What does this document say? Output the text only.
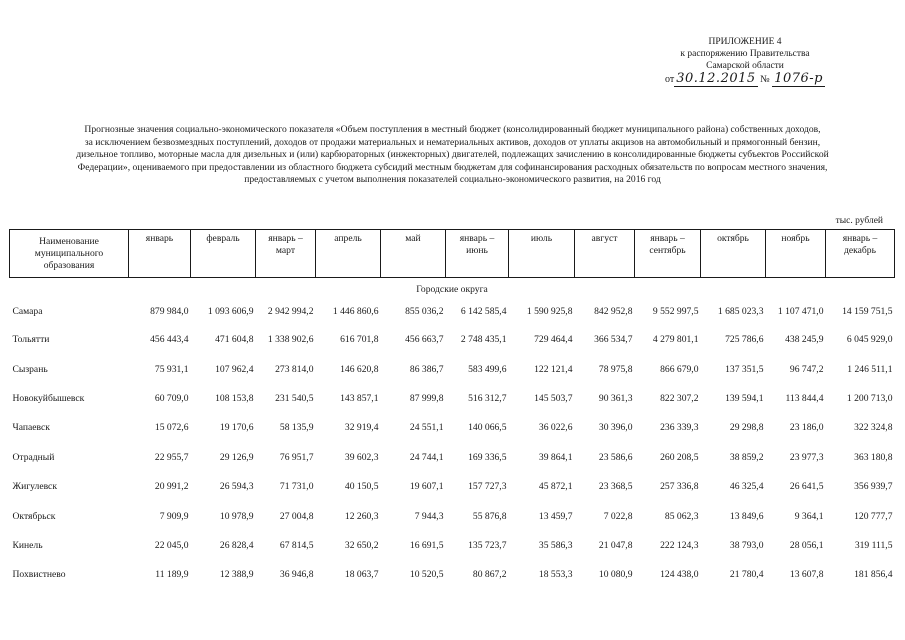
ПРИЛОЖЕНИЕ 4
к распоряжению Правительства
Самарской области
от 30.12.2015 № 1076-р
Прогнозные значения социально-экономического показателя «Объем поступления в местный бюджет (консолидированный бюджет муниципального района) собственных доходов,
за исключением безвозмездных поступлений, доходов от продажи материальных и нематериальных активов, доходов от уплаты акцизов на автомобильный и прямогонный бензин,
дизельное топливо, моторные масла для дизельных и (или) карбюраторных (инжекторных) двигателей, подлежащих зачислению в консолидированные бюджеты субъектов Российской
Федерации», оцениваемого при предоставлении из областного бюджета субсидий местным бюджетам для софинансирования расходных обязательств по вопросам местного значения,
предоставляемых с учетом выполнения показателей социально-экономического развития, на 2016 год
тыс. рублей
Наименование муниципального образования	январь	февраль	январь – март	апрель	май	январь – июнь	июль	август	январь – сентябрь	октябрь	ноябрь	январь – декабрь
Городские округа												
Самара	879 984,0	1 093 606,9	2 942 994,2	1 446 860,6	855 036,2	6 142 585,4	1 590 925,8	842 952,8	9 552 997,5	1 685 023,3	1 107 471,0	14 159 751,5
Тольятти	456 443,4	471 604,8	1 338 902,6	616 701,8	456 663,7	2 748 435,1	729 464,4	366 534,7	4 279 801,1	725 786,6	438 245,9	6 045 929,0
Сызрань	75 931,1	107 962,4	273 814,0	146 620,8	86 386,7	583 499,6	122 121,4	78 975,8	866 679,0	137 351,5	96 747,2	1 246 511,1
Новокуйбышевск	60 709,0	108 153,8	231 540,5	143 857,1	87 999,8	516 312,7	145 503,7	90 361,3	822 307,2	139 594,1	113 844,4	1 200 713,0
Чапаевск	15 072,6	19 170,6	58 135,9	32 919,4	24 551,1	140 066,5	36 022,6	30 396,0	236 339,3	29 298,8	23 186,0	322 324,8
Отрадный	22 955,7	29 126,9	76 951,7	39 602,3	24 744,1	169 336,5	39 864,1	23 586,6	260 208,5	38 859,2	23 977,3	363 180,8
Жигулевск	20 991,2	26 594,3	71 731,0	40 150,5	19 607,1	157 727,3	45 872,1	23 368,5	257 336,8	46 325,4	26 641,5	356 939,7
Октябрьск	7 909,9	10 978,9	27 004,8	12 260,3	7 944,3	55 876,8	13 459,7	7 022,8	85 062,3	13 849,6	9 364,1	120 777,7
Кинель	22 045,0	26 828,4	67 814,5	32 650,2	16 691,5	135 723,7	35 586,3	21 047,8	222 124,3	38 793,0	28 056,1	319 111,5
Похвистнево	11 189,9	12 388,9	36 946,8	18 063,7	10 520,5	80 867,2	18 553,3	10 080,9	124 438,0	21 780,4	13 607,8	181 856,4
